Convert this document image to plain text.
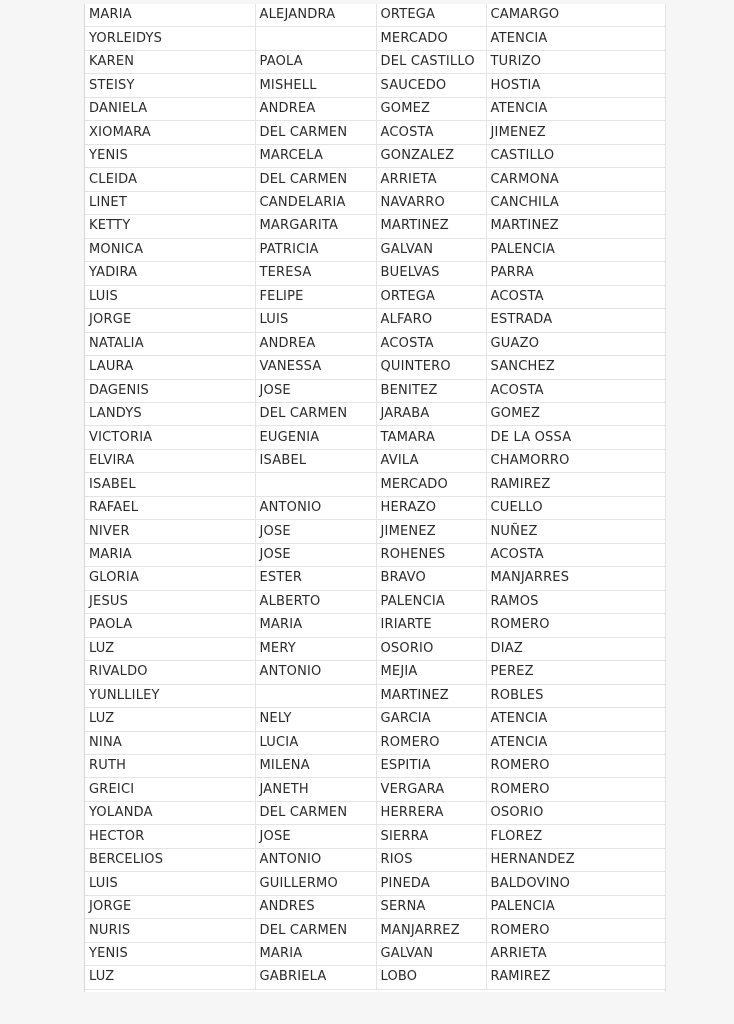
MARIA	ALEJANDRA	ORTEGA	CAMARGO
YORLEIDYS		MERCADO	ATENCIA
KAREN	PAOLA	DEL CASTILLO	TURIZO
STEISY	MISHELL	SAUCEDO	HOSTIA
DANIELA	ANDREA	GOMEZ	ATENCIA
XIOMARA	DEL CARMEN	ACOSTA	JIMENEZ
YENIS	MARCELA	GONZALEZ	CASTILLO
CLEIDA	DEL CARMEN	ARRIETA	CARMONA
LINET	CANDELARIA	NAVARRO	CANCHILA
KETTY	MARGARITA	MARTINEZ	MARTINEZ
MONICA	PATRICIA	GALVAN	PALENCIA
YADIRA	TERESA	BUELVAS	PARRA
LUIS	FELIPE	ORTEGA	ACOSTA
JORGE	LUIS	ALFARO	ESTRADA
NATALIA	ANDREA	ACOSTA	GUAZO
LAURA	VANESSA	QUINTERO	SANCHEZ
DAGENIS	JOSE	BENITEZ	ACOSTA
LANDYS	DEL CARMEN	JARABA	GOMEZ
VICTORIA	EUGENIA	TAMARA	DE LA OSSA
ELVIRA	ISABEL	AVILA	CHAMORRO
ISABEL		MERCADO	RAMIREZ
RAFAEL	ANTONIO	HERAZO	CUELLO
NIVER	JOSE	JIMENEZ	NUÑEZ
MARIA	JOSE	ROHENES	ACOSTA
GLORIA	ESTER	BRAVO	MANJARRES
JESUS	ALBERTO	PALENCIA	RAMOS
PAOLA	MARIA	IRIARTE	ROMERO
LUZ	MERY	OSORIO	DIAZ
RIVALDO	ANTONIO	MEJIA	PEREZ
YUNLLILEY		MARTINEZ	ROBLES
LUZ	NELY	GARCIA	ATENCIA
NINA	LUCIA	ROMERO	ATENCIA
RUTH	MILENA	ESPITIA	ROMERO
GREICI	JANETH	VERGARA	ROMERO
YOLANDA	DEL CARMEN	HERRERA	OSORIO
HECTOR	JOSE	SIERRA	FLOREZ
BERCELIOS	ANTONIO	RIOS	HERNANDEZ
LUIS	GUILLERMO	PINEDA	BALDOVINO
JORGE	ANDRES	SERNA	PALENCIA
NURIS	DEL CARMEN	MANJARREZ	ROMERO
YENIS	MARIA	GALVAN	ARRIETA
LUZ	GABRIELA	LOBO	RAMIREZ
